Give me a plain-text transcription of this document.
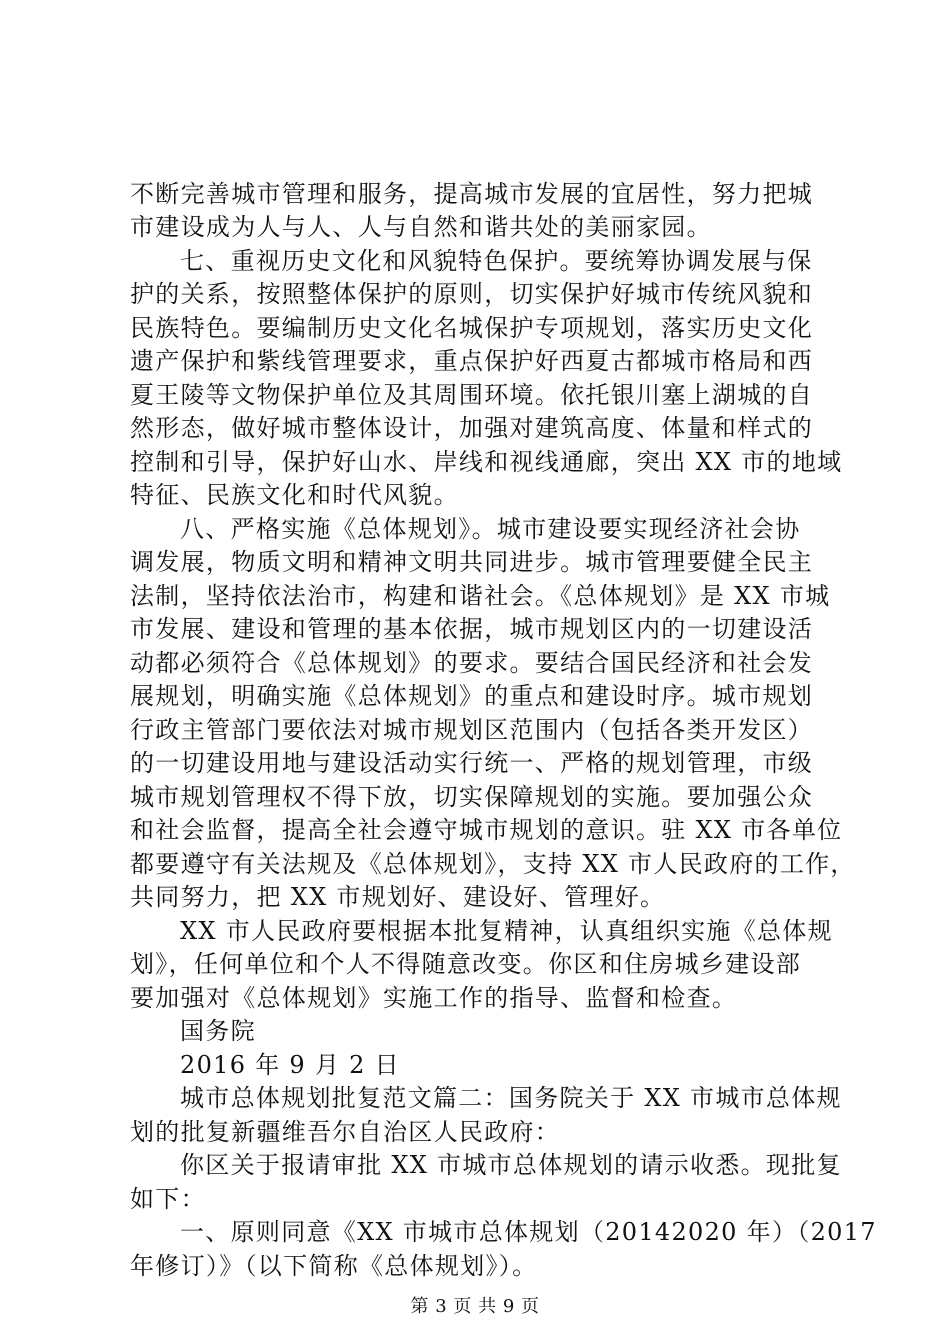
不断完善城市管理和服务，提高城市发展的宜居性，努力把城
市建设成为人与人、人与自然和谐共处的美丽家园。
七、重视历史文化和风貌特色保护。要统筹协调发展与保
护的关系，按照整体保护的原则，切实保护好城市传统风貌和
民族特色。要编制历史文化名城保护专项规划，落实历史文化
遗产保护和紫线管理要求，重点保护好西夏古都城市格局和西
夏王陵等文物保护单位及其周围环境。依托银川塞上湖城的自
然形态，做好城市整体设计，加强对建筑高度、体量和样式的
控制和引导，保护好山水、岸线和视线通廊，突出 XX 市的地域
特征、民族文化和时代风貌。
八、严格实施《总体规划》。城市建设要实现经济社会协
调发展，物质文明和精神文明共同进步。城市管理要健全民主
法制，坚持依法治市，构建和谐社会。《总体规划》是 XX 市城
市发展、建设和管理的基本依据，城市规划区内的一切建设活
动都必须符合《总体规划》的要求。要结合国民经济和社会发
展规划，明确实施《总体规划》的重点和建设时序。城市规划
行政主管部门要依法对城市规划区范围内（包括各类开发区）
的一切建设用地与建设活动实行统一、严格的规划管理，市级
城市规划管理权不得下放，切实保障规划的实施。要加强公众
和社会监督，提高全社会遵守城市规划的意识。驻 XX 市各单位
都要遵守有关法规及《总体规划》，支持 XX 市人民政府的工作，
共同努力，把 XX 市规划好、建设好、管理好。
XX 市人民政府要根据本批复精神，认真组织实施《总体规
划》，任何单位和个人不得随意改变。你区和住房城乡建设部
要加强对《总体规划》实施工作的指导、监督和检查。
国务院
2016 年 9 月 2 日
城市总体规划批复范文篇二：国务院关于 XX 市城市总体规
划的批复新疆维吾尔自治区人民政府：
你区关于报请审批 XX 市城市总体规划的请示收悉。现批复
如下：
一、原则同意《XX 市城市总体规划（20142020 年）（2017
年修订）》（以下简称《总体规划》）。
第 3 页 共 9 页
